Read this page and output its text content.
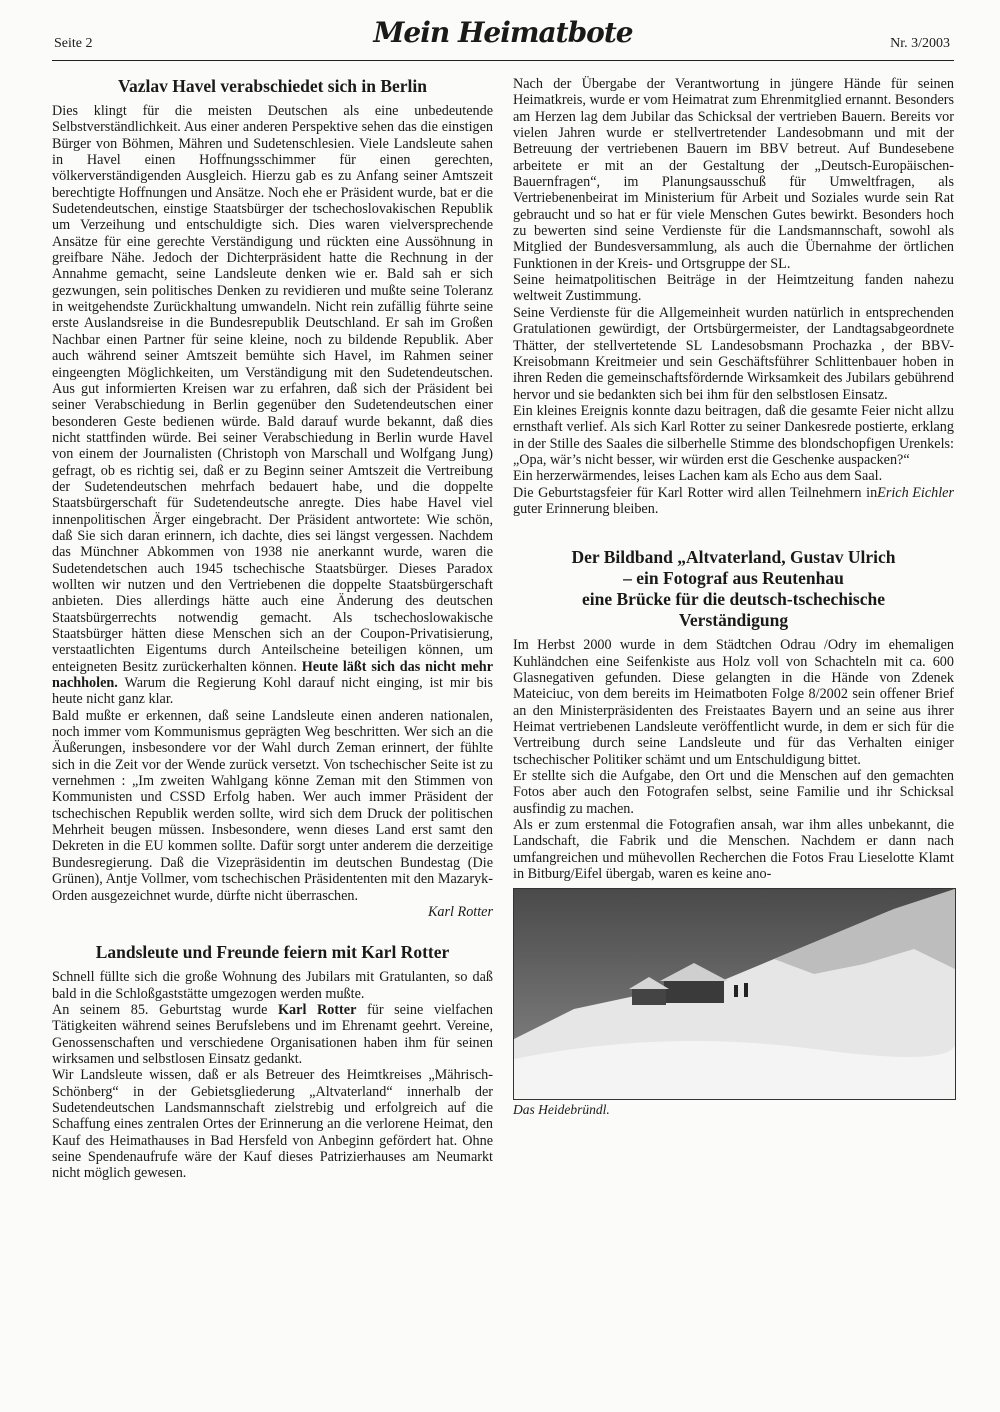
Seite 2	Mein Heimatbote	Nr. 3/2003
Vazlav Havel verabschiedet sich in Berlin

Dies klingt für die meisten Deutschen als eine unbedeutende Selbstverständlichkeit. Aus einer anderen Perspektive sehen das die einstigen Bürger von Böhmen, Mähren und Sudetenschlesien. Viele Landsleute sahen in Havel einen Hoffnungsschimmer für einen gerechten, völkerverständigenden Ausgleich. Hierzu gab es zu Anfang seiner Amtszeit berechtigte Hoffnungen und Ansätze. Noch ehe er Präsident wurde, bat er die Sudetendeutschen, einstige Staatsbürger der tschechoslovakischen Republik um Verzeihung und entschuldigte sich. Dies waren vielversprechende Ansätze für eine gerechte Verständigung und rückten eine Aussöhnung in greifbare Nähe. Jedoch der Dichterpräsident hatte die Rechnung in der Annahme gemacht, seine Landsleute denken wie er. Bald sah er sich gezwungen, sein politisches Denken zu revidieren und mußte seine Toleranz in weitgehendste Zurückhaltung umwandeln. Nicht rein zufällig führte seine erste Auslandsreise in die Bundesrepublik Deutschland. Er sah im Großen Nachbar einen Partner für seine kleine, noch zu bildende Republik. Aber auch während seiner Amtszeit bemühte sich Havel, im Rahmen seiner eingeengten Möglichkeiten, um Verständigung mit den Sudetendeutschen. Aus gut informierten Kreisen war zu erfahren, daß sich der Präsident bei seiner Verabschiedung in Berlin gegenüber den Sudetendeutschen einer besonderen Geste bedienen würde. Bald darauf wurde bekannt, daß dies nicht stattfinden würde. Bei seiner Verabschiedung in Berlin wurde Havel von einem der Journalisten (Christoph von Marschall und Wolfgang Jung) gefragt, ob es richtig sei, daß er zu Beginn seiner Amtszeit die Vertreibung der Sudetendeutschen mehrfach bedauert habe, und die doppelte Staatsbürgerschaft für Sudetendeutsche anregte. Dies habe Havel viel innenpolitischen Ärger eingebracht. Der Präsident antwortete: Wie schön, daß Sie sich daran erinnern, ich dachte, dies sei längst vergessen. Nachdem das Münchner Abkommen von 1938 nie anerkannt wurde, waren die Sudetendetschen auch 1945 tschechische Staatsbürger. Dieses Paradox wollten wir nutzen und den Vertriebenen die doppelte Staatsbürgerschaft anbieten. Dies allerdings hätte auch eine Änderung des deutschen Staatsbürgerrechts notwendig gemacht. Als tschechoslowakische Staatsbürger hätten diese Menschen sich an der Coupon-Privatisierung, verstaatlichten Eigentums durch Anteilscheine beteiligen können, um enteigneten Besitz zurückerhalten können. Heute läßt sich das nicht mehr nachholen. Warum die Regierung Kohl darauf nicht einging, ist mir bis heute nicht ganz klar.

Bald mußte er erkennen, daß seine Landsleute einen anderen nationalen, noch immer vom Kommunismus geprägten Weg beschritten. Wer sich an die Äußerungen, insbesondere vor der Wahl durch Zeman erinnert, der fühlte sich in die Zeit vor der Wende zurück versetzt. Von tschechischer Seite ist zu vernehmen : „Im zweiten Wahlgang könne Zeman mit den Stimmen von Kommunisten und CSSD Erfolg haben. Wer auch immer Präsident der tschechischen Republik werden sollte, wird sich dem Druck der politischen Mehrheit beugen müssen. Insbesondere, wenn dieses Land erst samt den Dekreten in die EU kommen sollte. Dafür sorgt unter anderem die derzeitige Bundesregierung. Daß die Vizepräsidentin im deutschen Bundestag (Die Grünen), Antje Vollmer, vom tschechischen Präsidententen mit den Mazaryk-Orden ausgezeichnet wurde, dürfte nicht überraschen.

Karl Rotter
Landsleute und Freunde feiern mit Karl Rotter

Schnell füllte sich die große Wohnung des Jubilars mit Gratulanten, so daß bald in die Schloßgaststätte umgezogen werden mußte.

An seinem 85. Geburtstag wurde Karl Rotter für seine vielfachen Tätigkeiten während seines Berufslebens und im Ehrenamt geehrt. Vereine, Genossenschaften und verschiedene Organisationen haben ihm für seinen wirksamen und selbstlosen Einsatz gedankt.

Wir Landsleute wissen, daß er als Betreuer des Heimtkreises „Mährisch-Schönberg“ in der Gebietsgliederung „Altvaterland“ innerhalb der Sudetendeutschen Landsmannschaft zielstrebig und erfolgreich auf die Schaffung eines zentralen Ortes der Erinnerung an die verlorene Heimat, den Kauf des Heimathauses in Bad Hersfeld von Anbeginn gefördert hat. Ohne seine Spendenaufrufe wäre der Kauf dieses Patrizierhauses am Neumarkt nicht möglich gewesen.

Nach der Übergabe der Verantwortung in jüngere Hände für seinen Heimatkreis, wurde er vom Heimatrat zum Ehrenmitglied ernannt. Besonders am Herzen lag dem Jubilar das Schicksal der vertrieben Bauern. Bereits vor vielen Jahren wurde er stellvertretender Landesobmann und mit der Betreuung der vertriebenen Bauern im BBV betreut. Auf Bundesebene arbeitete er mit an der Gestaltung der „Deutsch-Europäischen-Bauernfragen“, im Planungsausschuß für Umweltfragen, als Vertriebenenbeirat im Ministerium für Arbeit und Soziales wurde sein Rat gebraucht und so hat er für viele Menschen Gutes bewirkt. Besonders hoch zu bewerten sind seine Verdienste für die Landsmannschaft, sowohl als Mitglied der Bundesversammlung, als auch die Übernahme der örtlichen Funktionen in der Kreis- und Ortsgruppe der SL.

Seine heimatpolitischen Beiträge in der Heimtzeitung fanden nahezu weltweit Zustimmung.

Seine Verdienste für die Allgemeinheit wurden natürlich in entsprechenden Gratulationen gewürdigt, der Ortsbürgermeister, der Landtagsabgeordnete Thätter, der stellvertetende SL Landesobsmann Prochazka , der BBV-Kreisobmann Kreitmeier und sein Geschäftsführer Schlittenbauer hoben in ihren Reden die gemeinschaftsfördernde Wirksamkeit des Jubilars gebührend hervor und sie bedankten sich bei ihm für den selbstlosen Einsatz.

Ein kleines Ereignis konnte dazu beitragen, daß die gesamte Feier nicht allzu ernsthaft verlief. Als sich Karl Rotter zu seiner Dankesrede postierte, erklang in der Stille des Saales die silberhelle Stimme des blondschopfigen Urenkels: „Opa, wär’s nicht besser, wir würden erst die Geschenke auspacken?“

Ein herzerwärmendes, leises Lachen kam als Echo aus dem Saal.

Erich Eichler
Die Geburtstagsfeier für Karl Rotter wird allen Teilnehmern in guter Erinnerung bleiben.
Der Bildband „Altvaterland, Gustav Ulrich
– ein Fotograf aus Reutenhau
eine Brücke für die deutsch-tschechische
Verständigung

Im Herbst 2000 wurde in dem Städtchen Odrau /Odry im ehemaligen Kuhländchen eine Seifenkiste aus Holz voll von Schachteln mit ca. 600 Glasnegativen gefunden. Diese gelangten in die Hände von Zdenek Mateiciuc, von dem bereits im Heimatboten Folge 8/2002 sein offener Brief an den Ministerpräsidenten des Freistaates Bayern und an seine aus ihrer Heimat vertriebenen Landsleute veröffentlicht wurde, in dem er sich für die Vertreibung durch seine Landsleute und für das Verhalten einiger tschechischer Politiker schämt und um Entschuldigung bittet.

Er stellte sich die Aufgabe, den Ort und die Menschen auf den gemachten Fotos aber auch den Fotografen selbst, seine Familie und ihr Schicksal ausfindig zu machen.

Als er zum erstenmal die Fotografien ansah, war ihm alles unbekannt, die Landschaft, die Fabrik und die Menschen. Nachdem er dann nach umfangreichen und mühevollen Recherchen die Fotos Frau Lieselotte Klamt in Bitburg/Eifel übergab, waren es keine ano-

Das Heidebründl.
